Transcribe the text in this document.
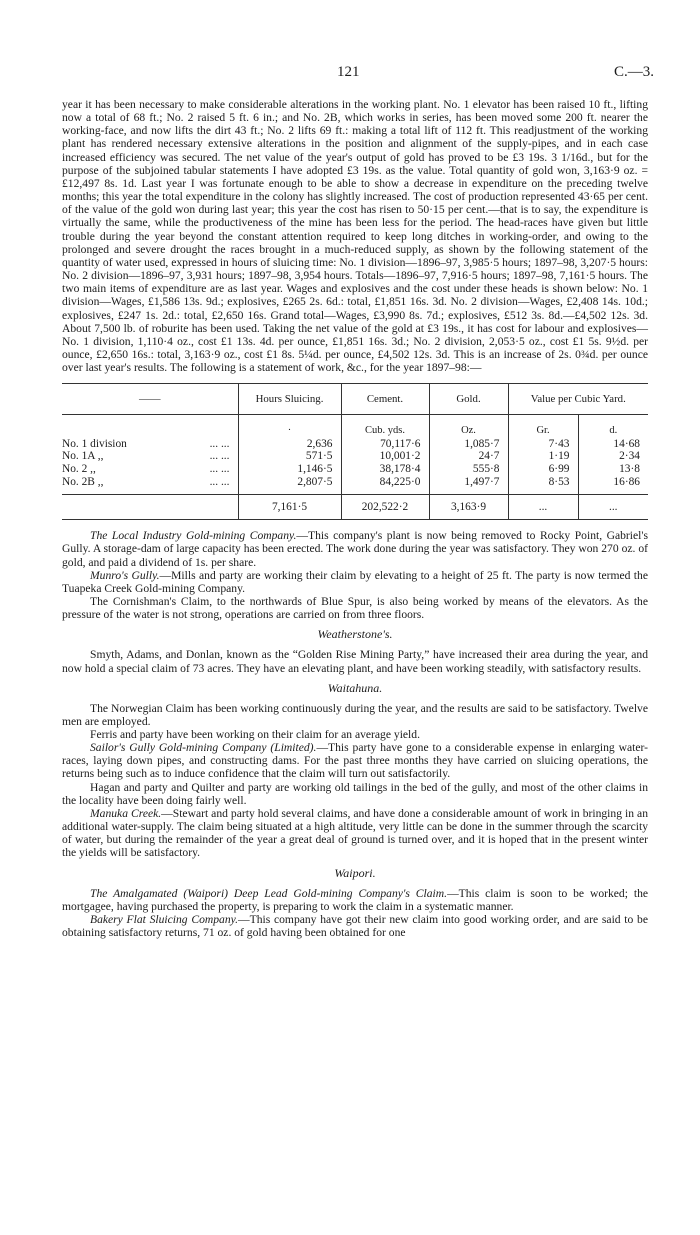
121	C.—3.

year it has been necessary to make considerable alterations in the working plant. No. 1 elevator has been raised 10 ft., lifting now a total of 68 ft.; No. 2 raised 5 ft. 6 in.; and No. 2B, which works in series, has been moved some 200 ft. nearer the working-face, and now lifts the dirt 43 ft.; No. 2 lifts 69 ft.: making a total lift of 112 ft. This readjustment of the working plant has rendered necessary extensive alterations in the position and alignment of the supply-pipes, and in each case increased efficiency was secured. The net value of the year's output of gold has proved to be £3 19s. 3 1/16d., but for the purpose of the subjoined tabular statements I have adopted £3 19s. as the value. Total quantity of gold won, 3,163·9 oz. = £12,497 8s. 1d. Last year I was fortunate enough to be able to show a decrease in expenditure on the preceding twelve months; this year the total expenditure in the colony has slightly increased. The cost of production represented 43·65 per cent. of the value of the gold won during last year; this year the cost has risen to 50·15 per cent.—that is to say, the expenditure is virtually the same, while the productiveness of the mine has been less for the period. The head-races have given but little trouble during the year beyond the constant attention required to keep long ditches in working-order, and owing to the prolonged and severe drought the races brought in a much-reduced supply, as shown by the following statement of the quantity of water used, expressed in hours of sluicing time: No. 1 division—1896–97, 3,985·5 hours; 1897–98, 3,207·5 hours: No. 2 division—1896–97, 3,931 hours; 1897–98, 3,954 hours. Totals—1896–97, 7,916·5 hours; 1897–98, 7,161·5 hours. The two main items of expenditure are as last year. Wages and explosives and the cost under these heads is shown below: No. 1 division—Wages, £1,586 13s. 9d.; explosives, £265 2s. 6d.: total, £1,851 16s. 3d. No. 2 division—Wages, £2,408 14s. 10d.; explosives, £247 1s. 2d.: total, £2,650 16s. Grand total—Wages, £3,990 8s. 7d.; explosives, £512 3s. 8d.—£4,502 12s. 3d. About 7,500 lb. of roburite has been used. Taking the net value of the gold at £3 19s., it has cost for labour and explosives—No. 1 division, 1,110·4 oz., cost £1 13s. 4d. per ounce, £1,851 16s. 3d.; No. 2 division, 2,053·5 oz., cost £1 5s. 9½d. per ounce, £2,650 16s.: total, 3,163·9 oz., cost £1 8s. 5¼d. per ounce, £4,502 12s. 3d. This is an increase of 2s. 0¾d. per ounce over last year's results. The following is a statement of work, &c., for the year 1897–98:—

——	Hours Sluicing.	Cement.	Gold.	Value per Cubic Yard.	
	·	Cub. yds.	Oz.	Gr.	d.
No. 1 division ... ...	2,636	70,117·6	1,085·7	7·43	14·68
No. 1A ,, ... ...	571·5	10,001·2	24·7	1·19	2·34
No. 2 ,, ... ...	1,146·5	38,178·4	555·8	6·99	13·8
No. 2B ,, ... ...	2,807·5	84,225·0	1,497·7	8·53	16·86
	7,161·5	202,522·2	3,163·9	...	...

The Local Industry Gold-mining Company.—This company's plant is now being removed to Rocky Point, Gabriel's Gully. A storage-dam of large capacity has been erected. The work done during the year was satisfactory. They won 270 oz. of gold, and paid a dividend of 1s. per share.

Munro's Gully.—Mills and party are working their claim by elevating to a height of 25 ft. The party is now termed the Tuapeka Creek Gold-mining Company.

The Cornishman's Claim, to the northwards of Blue Spur, is also being worked by means of the elevators. As the pressure of the water is not strong, operations are carried on from three floors.

Weatherstone's.

Smyth, Adams, and Donlan, known as the “Golden Rise Mining Party,” have increased their area during the year, and now hold a special claim of 73 acres. They have an elevating plant, and have been working steadily, with satisfactory results.

Waitahuna.

The Norwegian Claim has been working continuously during the year, and the results are said to be satisfactory. Twelve men are employed.

Ferris and party have been working on their claim for an average yield.

Sailor's Gully Gold-mining Company (Limited).—This party have gone to a considerable expense in enlarging water-races, laying down pipes, and constructing dams. For the past three months they have carried on sluicing operations, the returns being such as to induce confidence that the claim will turn out satisfactorily.

Hagan and party and Quilter and party are working old tailings in the bed of the gully, and most of the other claims in the locality have been doing fairly well.

Manuka Creek.—Stewart and party hold several claims, and have done a considerable amount of work in bringing in an additional water-supply. The claim being situated at a high altitude, very little can be done in the summer through the scarcity of water, but during the remainder of the year a great deal of ground is turned over, and it is hoped that in the present winter the yields will be satisfactory.

Waipori.

The Amalgamated (Waipori) Deep Lead Gold-mining Company's Claim.—This claim is soon to be worked; the mortgagee, having purchased the property, is preparing to work the claim in a systematic manner.

Bakery Flat Sluicing Company.—This company have got their new claim into good working order, and are said to be obtaining satisfactory returns, 71 oz. of gold having been obtained for one
